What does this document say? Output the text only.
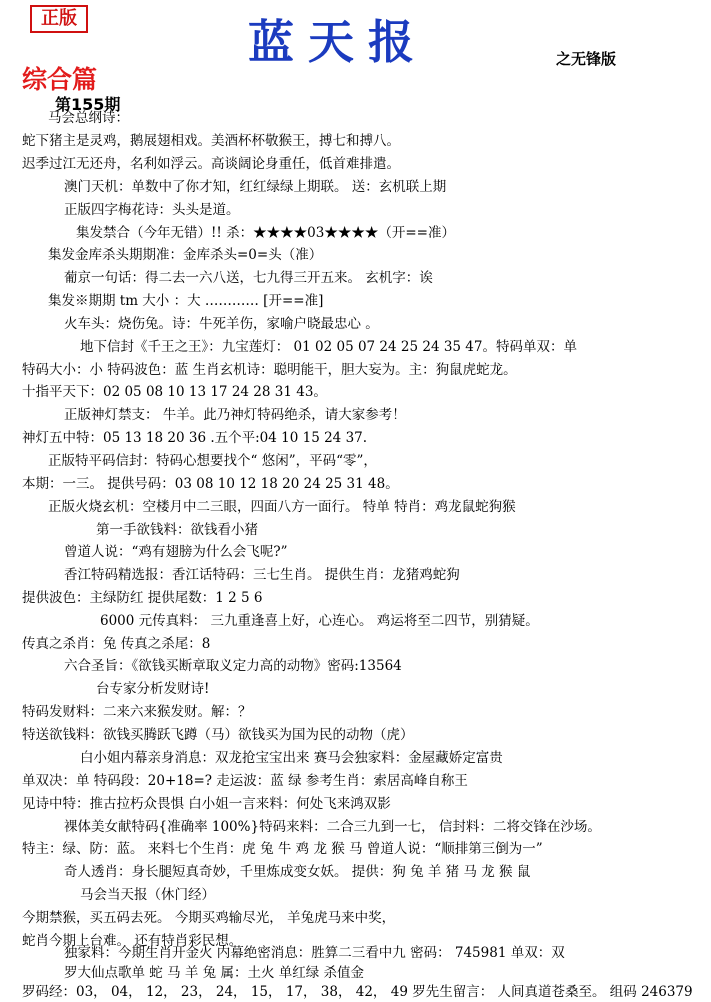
正版	蓝天报	之无锋版
综合篇
第155期
马会总纲诗：
蛇下猪主是灵鸡，鹅展翅相戏。美酒杯杯敬猴王，搏七和搏八。
迟季过江无还舟，名利如浮云。高谈阔论身重任，低首难排遣。
澳门天机：单数中了你才知，红红绿绿上期联。 送：玄机联上期
正版四字梅花诗：头头是道。
集发禁合（今年无错）!! 杀：★★★★03★★★★（开==准）
集发金库杀头期期准：金库杀头=0=头（准）
葡京一句话：得二去一六八送，七九得三开五来。 玄机字：诶
集发※期期 tm 大小 ：大 ………… [开==准]
火车头：烧伤兔。诗：牛死羊伤，家喻户晓最忠心 。
地下信封《千王之王》：九宝莲灯： 01 02 05 07 24 25 24 35 47。特码单双：单
特码大小：小 特码波色：蓝 生肖玄机诗：聪明能干，胆大妄为。主：狗鼠虎蛇龙。
十指平天下：02 05 08 10 13 17 24 28 31 43。
正版神灯禁支： 牛羊。此乃神灯特码绝杀，请大家参考！
神灯五中特：05 13 18 20 36 .五个平:04 10 15 24 37.
正版特平码信封：特码心想要找个“ 悠闲”，平码“零”，
本期：一三。 提供号码：03 08 10 12 18 20 24 25 31 48。
正版火烧玄机：空楼月中二三眼，四面八方一面行。 特单 特肖：鸡龙鼠蛇狗猴
第一手欲钱料：欲钱看小猪
曾道人说：“鸡有翅膀为什么会飞呢?”
香江特码精选报：香江话特码：三七生肖。 提供生肖：龙猪鸡蛇狗
提供波色：主绿防红 提供尾数：1 2 5 6
6000 元传真料： 三九重逢喜上好，心连心。 鸡运将至二四节，别猜疑。
传真之杀肖：兔 传真之杀尾：8
六合圣旨：《欲钱买断章取义定力高的动物》密码:13564
台专家分析发财诗!
特码发财料：二来六来猴发财。解：？
特送欲钱料：欲钱买腾跃飞蹲（马）欲钱买为国为民的动物（虎）
白小姐内幕亲身消息：双龙抢宝宝出来 赛马会独家料：金屋藏娇定富贵
单双决：单 特码段：20+18=? 走运波：蓝 绿 参考生肖：索居高峰自称王
见诗中特：推古拉朽众畏惧 白小姐一言来料：何处飞来鸿双影
裸体美女献特码{准确率 100%}特码来料：二合三九到一七， 信封料：二将交锋在沙场。
特主：绿、防：蓝。 来料七个生肖：虎 兔 牛 鸡 龙 猴 马 曾道人说：“顺排第三倒为一”
奇人透肖：身长腿短真奇妙，千里炼成变女妖。 提供：狗 兔 羊 猪 马 龙 猴 鼠
马会当天报（休门经）
今期禁猴，买五码去死。 今期买鸡输尽光， 羊兔虎马来中奖，
蛇肖今期上台难。 还有特肖彩民想。
独家料：今期生肖开金火 内幕绝密消息：胜算二三看中九 密码： 745981 单双：双
罗大仙点歌单 蛇 马 羊 兔 属：土火 单红绿 杀值金
罗码经：03， 04， 12， 23， 24， 15， 17， 38， 42， 49 罗先生留言： 人间真道苍桑至。 组码 246379
